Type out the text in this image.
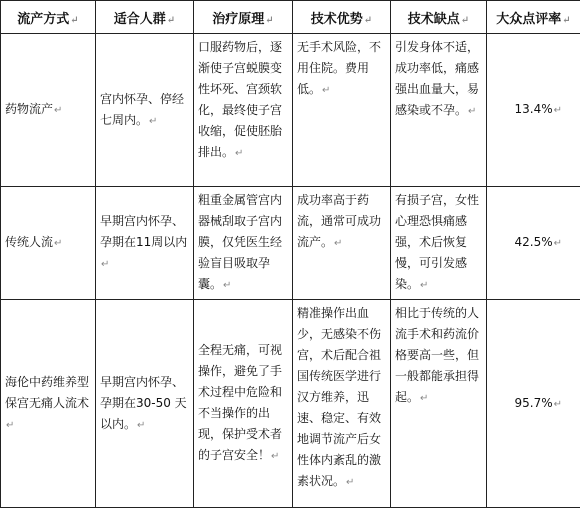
流产方式↵	适合人群↵	治疗原理↵	技术优势↵	技术缺点↵	大众点评率↵
药物流产↵	宫内怀孕、停经七周内。↵	口服药物后，逐渐使子宫蜕膜变性坏死、宫颈软化，最终使子宫收缩，促使胚胎排出。↵	无手术风险，不用住院。费用低。↵	引发身体不适，成功率低，痛感强出血量大，易感染或不孕。↵	13.4%↵
传统人流↵	早期宫内怀孕、孕期在11周以内↵	粗重金属管宫内器械刮取子宫内膜，仅凭医生经验盲目吸取孕囊。↵	成功率高于药流，通常可成功流产。↵	有损子宫，女性心理恐惧痛感强，术后恢复慢，可引发感染。↵	42.5%↵
海伦中药维养型保宫无痛人流术↵	早期宫内怀孕、孕期在30-50 天以内。↵	全程无痛，可视操作，避免了手术过程中危险和不当操作的出现，保护受术者的子宫安全！↵	精准操作出血少，无感染不伤宫，术后配合祖国传统医学进行汉方维养，迅速、稳定、有效地调节流产后女性体内紊乱的激素状况。↵	相比于传统的人流手术和药流价格要高一些，但一般都能承担得起。↵	95.7%↵
